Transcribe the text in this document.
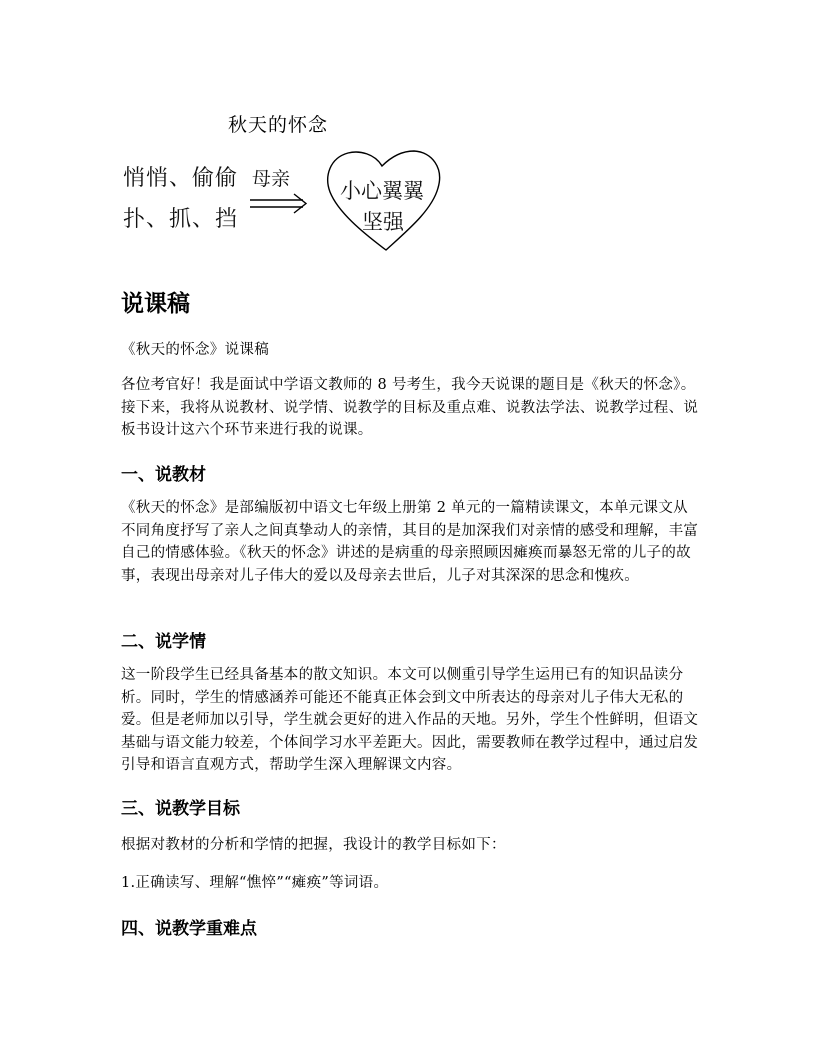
秋天的怀念
悄悄、偷偷
扑、抓、挡
母亲 小心翼翼
坚强
说课稿

《秋天的怀念》说课稿

各位考官好！我是面试中学语文教师的 8 号考生，我今天说课的题目是《秋天的怀念》。接下来，我将从说教材、说学情、说教学的目标及重点难、说教法学法、说教学过程、说板书设计这六个环节来进行我的说课。

一、说教材

《秋天的怀念》是部编版初中语文七年级上册第 2 单元的一篇精读课文，本单元课文从不同角度抒写了亲人之间真挚动人的亲情，其目的是加深我们对亲情的感受和理解，丰富自己的情感体验。《秋天的怀念》讲述的是病重的母亲照顾因瘫痪而暴怒无常的儿子的故事，表现出母亲对儿子伟大的爱以及母亲去世后，儿子对其深深的思念和愧疚。

二、说学情

这一阶段学生已经具备基本的散文知识。本文可以侧重引导学生运用已有的知识品读分析。同时，学生的情感涵养可能还不能真正体会到文中所表达的母亲对儿子伟大无私的爱。但是老师加以引导，学生就会更好的进入作品的天地。另外，学生个性鲜明，但语文基础与语文能力较差，个体间学习水平差距大。因此，需要教师在教学过程中，通过启发引导和语言直观方式，帮助学生深入理解课文内容。

三、说教学目标

根据对教材的分析和学情的把握，我设计的教学目标如下：

1.正确读写、理解“憔悴”“瘫痪”等词语。

四、说教学重难点
